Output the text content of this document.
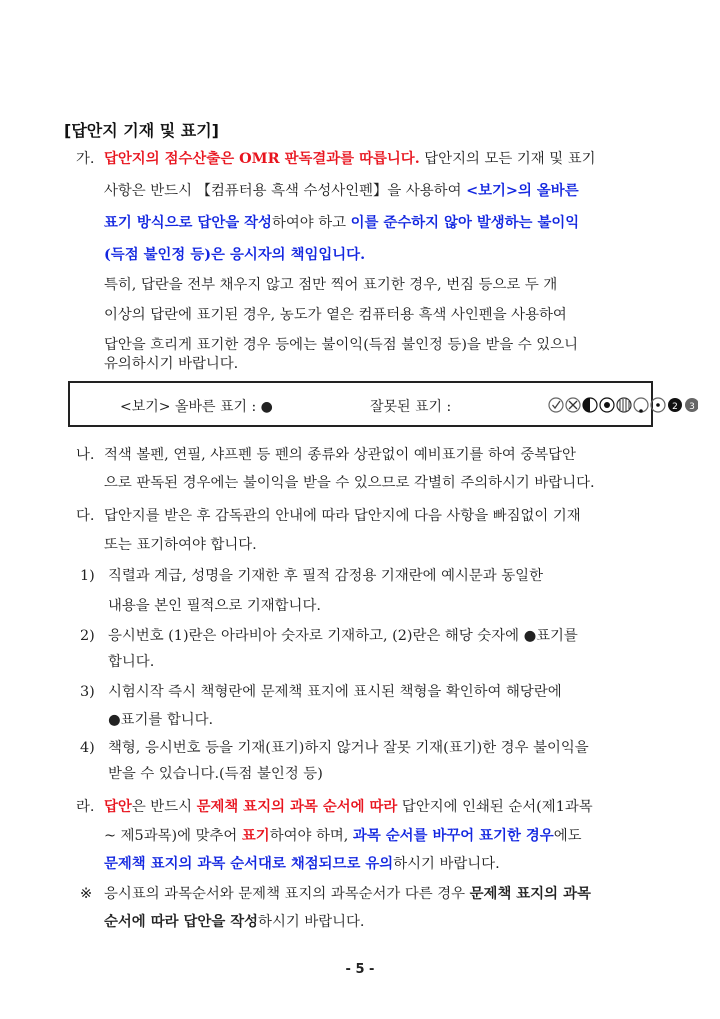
[답안지 기재 및 표기]
가. 답안지의 점수산출은 OMR 판독결과를 따릅니다. 답안지의 모든 기재 및 표기
사항은 반드시 【컴퓨터용 흑색 수성사인펜】을 사용하여 <보기>의 올바른
표기 방식으로 답안을 작성하여야 하고 이를 준수하지 않아 발생하는 불이익
(득점 불인정 등)은 응시자의 책임입니다.
특히, 답란을 전부 채우지 않고 점만 찍어 표기한 경우, 번짐 등으로 두 개
이상의 답란에 표기된 경우, 농도가 옅은 컴퓨터용 흑색 사인펜을 사용하여
답안을 흐리게 표기한 경우 등에는 불이익(득점 불인정 등)을 받을 수 있으니
유의하시기 바랍니다.
<보기> 올바른 표기 : ●	잘못된 표기 :	2 3
나. 적색 볼펜, 연필, 샤프펜 등 펜의 종류와 상관없이 예비표기를 하여 중복답안
으로 판독된 경우에는 불이익을 받을 수 있으므로 각별히 주의하시기 바랍니다.
다. 답안지를 받은 후 감독관의 안내에 따라 답안지에 다음 사항을 빠짐없이 기재
또는 표기하여야 합니다.
1) 직렬과 계급, 성명을 기재한 후 필적 감정용 기재란에 예시문과 동일한
내용을 본인 필적으로 기재합니다.
2) 응시번호 (1)란은 아라비아 숫자로 기재하고, (2)란은 해당 숫자에 ●표기를
합니다.
3) 시험시작 즉시 책형란에 문제책 표지에 표시된 책형을 확인하여 해당란에
●표기를 합니다.
4) 책형, 응시번호 등을 기재(표기)하지 않거나 잘못 기재(표기)한 경우 불이익을
받을 수 있습니다.(득점 불인정 등)
라. 답안은 반드시 문제책 표지의 과목 순서에 따라 답안지에 인쇄된 순서(제1과목
~ 제5과목)에 맞추어 표기하여야 하며, 과목 순서를 바꾸어 표기한 경우에도
문제책 표지의 과목 순서대로 채점되므로 유의하시기 바랍니다.
※ 응시표의 과목순서와 문제책 표지의 과목순서가 다른 경우 문제책 표지의 과목
순서에 따라 답안을 작성하시기 바랍니다.
- 5 -
